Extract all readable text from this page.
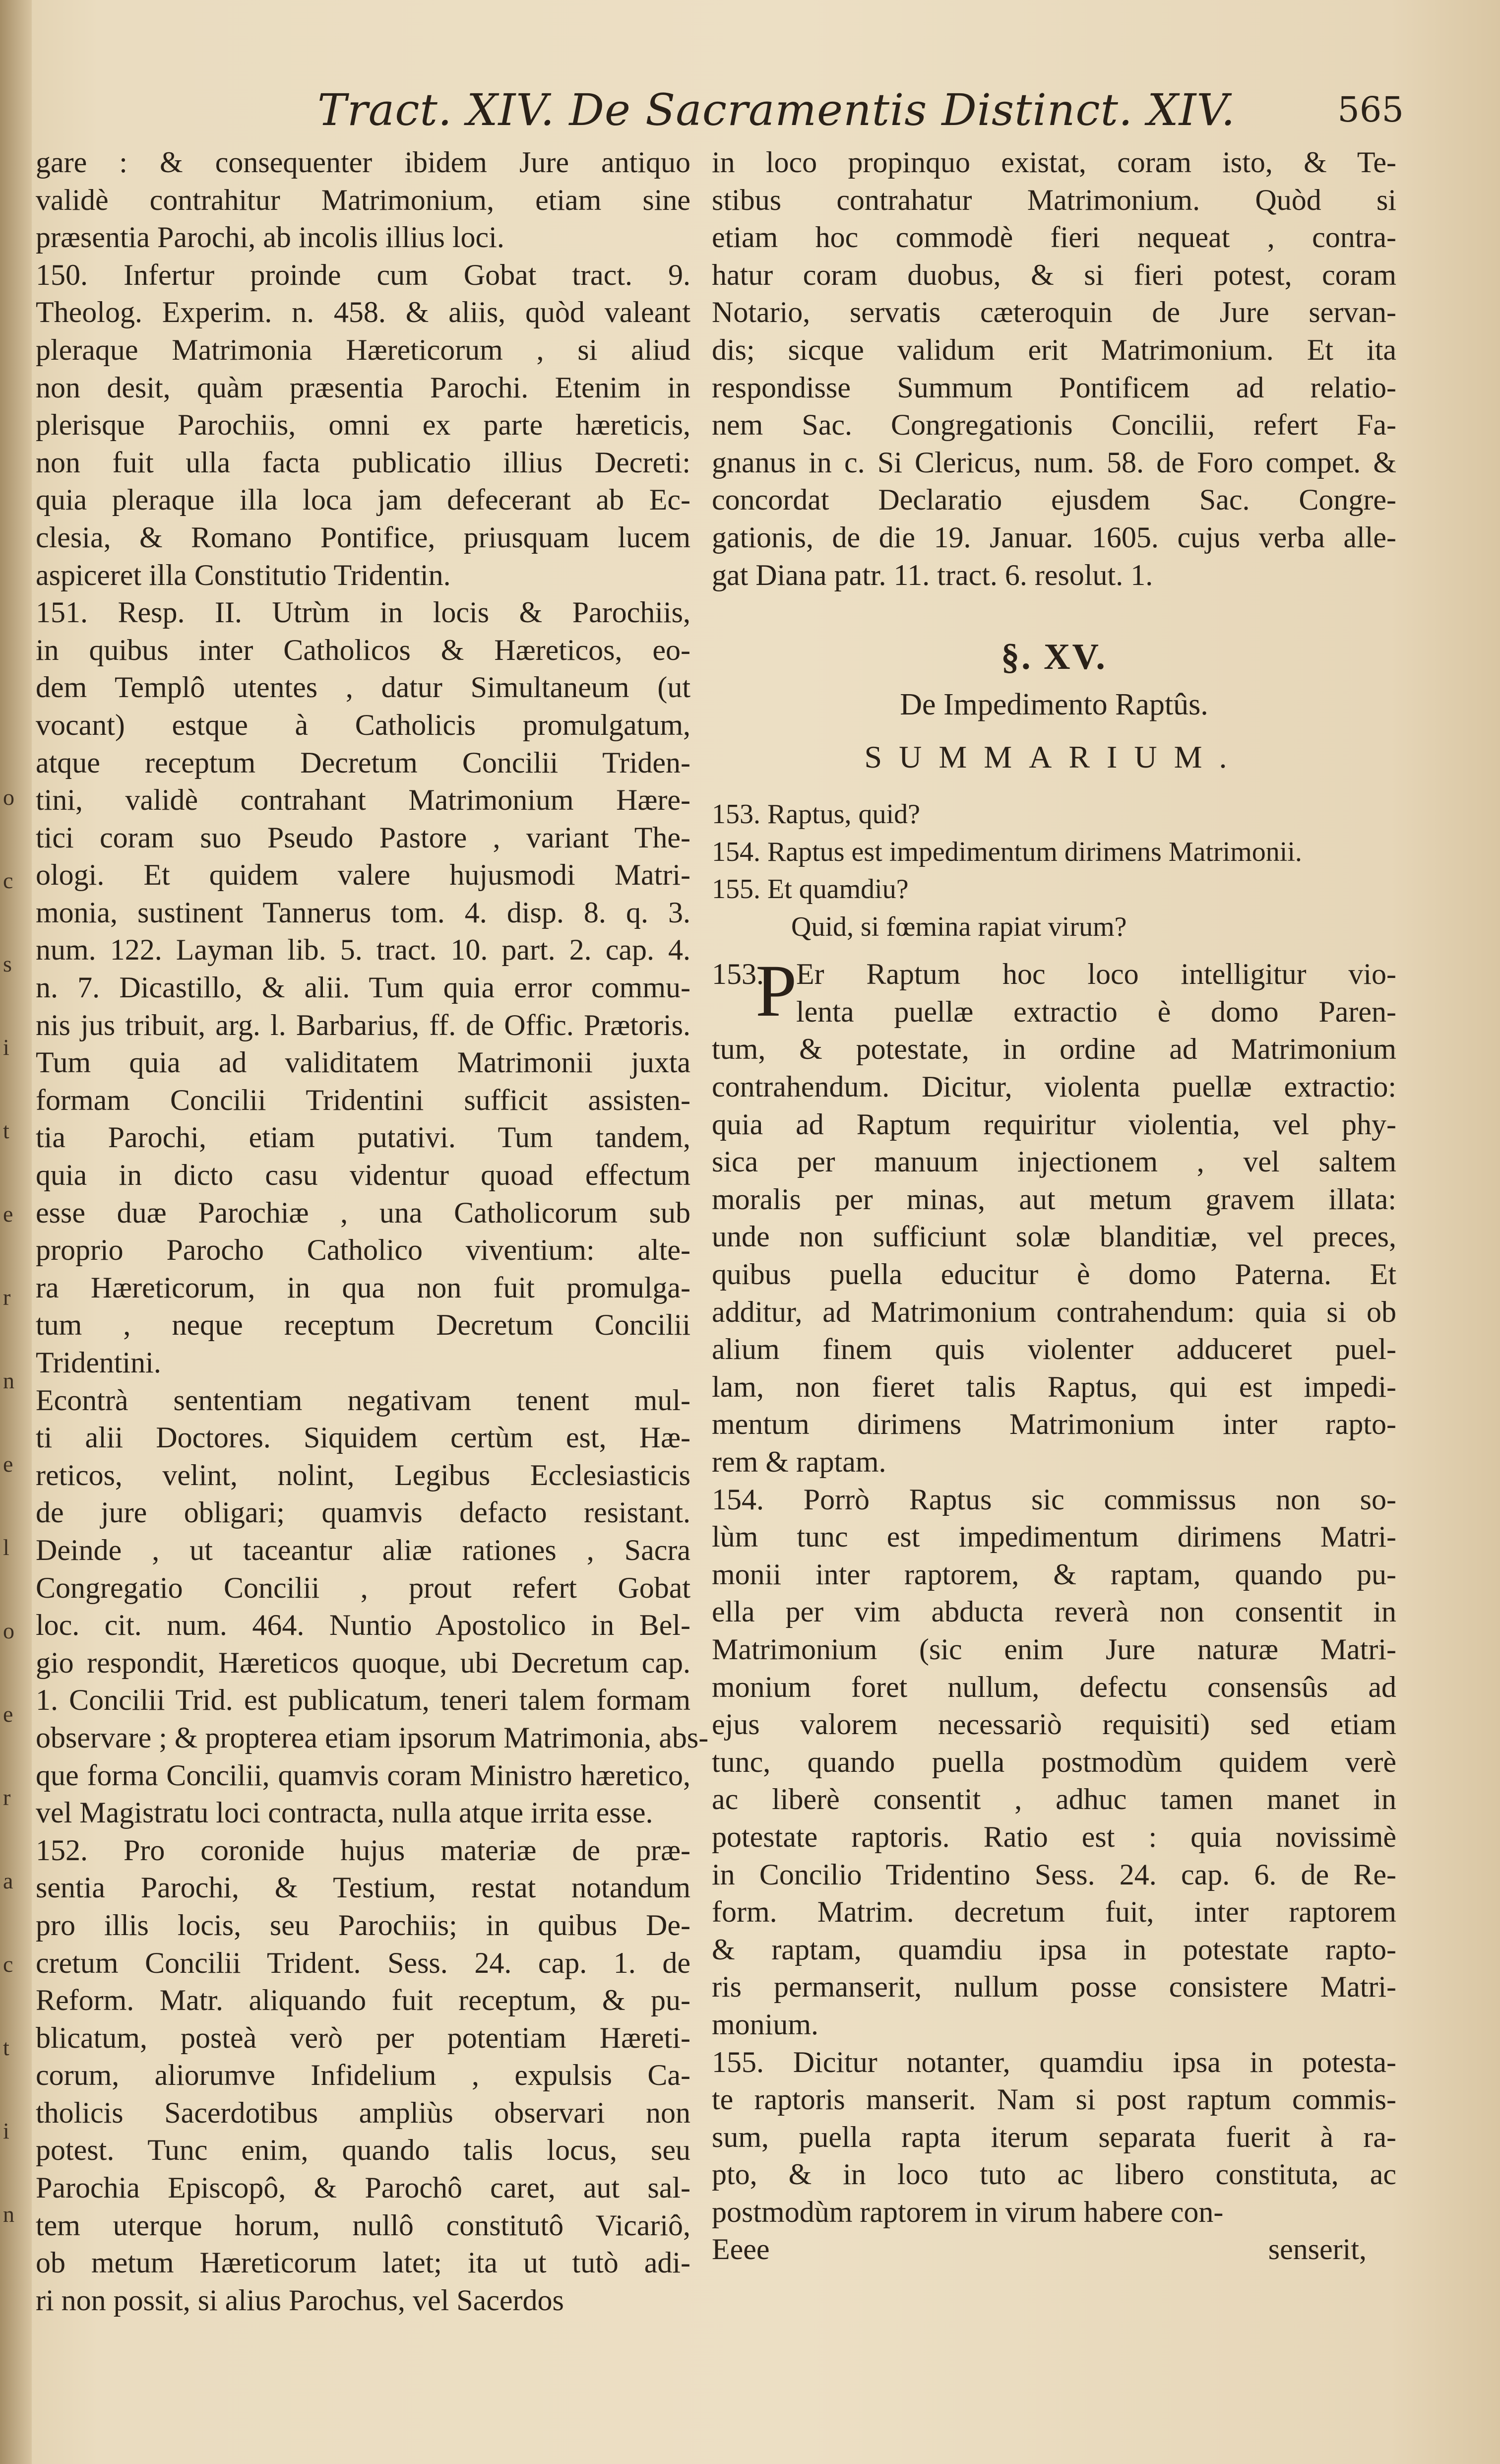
o
c
s
i
t
e
r
n
e
l
o
e
r
a
c
t
i
n
Tract. XIV. De Sacramentis Distinct. XIV.	565
gare : & consequenter ibidem Jure antiquo
validè contrahitur Matrimonium, etiam sine
præsentia Parochi, ab incolis illius loci.
150. Infertur proinde cum Gobat tract. 9.
Theolog. Experim. n. 458. & aliis, quòd valeant
pleraque Matrimonia Hæreticorum , si aliud
non desit, quàm præsentia Parochi. Etenim in
plerisque Parochiis, omni ex parte hæreticis,
non fuit ulla facta publicatio illius Decreti:
quia pleraque illa loca jam defecerant ab Ec-
clesia, & Romano Pontifice, priusquam lucem
aspiceret illa Constitutio Tridentin.
151. Resp. II. Utrùm in locis & Parochiis,
in quibus inter Catholicos & Hæreticos, eo-
dem Templô utentes , datur Simultaneum (ut
vocant) estque à Catholicis promulgatum,
atque receptum Decretum Concilii Triden-
tini, validè contrahant Matrimonium Hære-
tici coram suo Pseudo Pastore , variant The-
ologi. Et quidem valere hujusmodi Matri-
monia, sustinent Tannerus tom. 4. disp. 8. q. 3.
num. 122. Layman lib. 5. tract. 10. part. 2. cap. 4.
n. 7. Dicastillo, & alii. Tum quia error commu-
nis jus tribuit, arg. l. Barbarius, ff. de Offic. Prætoris.
Tum quia ad validitatem Matrimonii juxta
formam Concilii Tridentini sufficit assisten-
tia Parochi, etiam putativi. Tum tandem,
quia in dicto casu videntur quoad effectum
esse duæ Parochiæ , una Catholicorum sub
proprio Parocho Catholico viventium: alte-
ra Hæreticorum, in qua non fuit promulga-
tum , neque receptum Decretum Concilii
Tridentini.
Econtrà sententiam negativam tenent mul-
ti alii Doctores. Siquidem certùm est, Hæ-
reticos, velint, nolint, Legibus Ecclesiasticis
de jure obligari; quamvis defacto resistant.
Deinde , ut taceantur aliæ rationes , Sacra
Congregatio Concilii , prout refert Gobat
loc. cit. num. 464. Nuntio Apostolico in Bel-
gio respondit, Hæreticos quoque, ubi Decretum cap.
1. Concilii Trid. est publicatum, teneri talem formam
observare ; & propterea etiam ipsorum Matrimonia, abs-
que forma Concilii, quamvis coram Ministro hæretico,
vel Magistratu loci contracta, nulla atque irrita esse.
152. Pro coronide hujus materiæ de præ-
sentia Parochi, & Testium, restat notandum
pro illis locis, seu Parochiis; in quibus De-
cretum Concilii Trident. Sess. 24. cap. 1. de
Reform. Matr. aliquando fuit receptum, & pu-
blicatum, posteà verò per potentiam Hæreti-
corum, aliorumve Infidelium , expulsis Ca-
tholicis Sacerdotibus ampliùs observari non
potest. Tunc enim, quando talis locus, seu
Parochia Episcopô, & Parochô caret, aut sal-
tem uterque horum, nullô constitutô Vicariô,
ob metum Hæreticorum latet; ita ut tutò adi-
ri non possit, si alius Parochus, vel Sacerdos
in loco propinquo existat, coram isto, & Te-
stibus contrahatur Matrimonium. Quòd si
etiam hoc commodè fieri nequeat , contra-
hatur coram duobus, & si fieri potest, coram
Notario, servatis cæteroquin de Jure servan-
dis; sicque validum erit Matrimonium. Et ita
respondisse Summum Pontificem ad relatio-
nem Sac. Congregationis Concilii, refert Fa-
gnanus in c. Si Clericus, num. 58. de Foro compet. &
concordat Declaratio ejusdem Sac. Congre-
gationis, de die 19. Januar. 1605. cujus verba alle-
gat Diana patr. 11. tract. 6. resolut. 1.
§. XV.
De Impedimento Raptûs.
SUMMARIUM.
153. Raptus, quid?
154. Raptus est impedimentum dirimens Matrimonii.
155. Et quamdiu?
Quid, si fœmina rapiat virum?
153.
P
Er Raptum hoc loco intelligitur vio-
lenta puellæ extractio è domo Paren-
tum, & potestate, in ordine ad Matrimonium
contrahendum. Dicitur, violenta puellæ extractio:
quia ad Raptum requiritur violentia, vel phy-
sica per manuum injectionem , vel saltem
moralis per minas, aut metum gravem illata:
unde non sufficiunt solæ blanditiæ, vel preces,
quibus puella educitur è domo Paterna. Et
additur, ad Matrimonium contrahendum: quia si ob
alium finem quis violenter adduceret puel-
lam, non fieret talis Raptus, qui est impedi-
mentum dirimens Matrimonium inter rapto-
rem & raptam.
154. Porrò Raptus sic commissus non so-
lùm tunc est impedimentum dirimens Matri-
monii inter raptorem, & raptam, quando pu-
ella per vim abducta reverà non consentit in
Matrimonium (sic enim Jure naturæ Matri-
monium foret nullum, defectu consensûs ad
ejus valorem necessariò requisiti) sed etiam
tunc, quando puella postmodùm quidem verè
ac liberè consentit , adhuc tamen manet in
potestate raptoris. Ratio est : quia novissimè
in Concilio Tridentino Sess. 24. cap. 6. de Re-
form. Matrim. decretum fuit, inter raptorem
& raptam, quamdiu ipsa in potestate rapto-
ris permanserit, nullum posse consistere Matri-
monium.
155. Dicitur notanter, quamdiu ipsa in potesta-
te raptoris manserit. Nam si post raptum commis-
sum, puella rapta iterum separata fuerit à ra-
pto, & in loco tuto ac libero constituta, ac
postmodùm raptorem in virum habere con-
Eeee	senserit,
